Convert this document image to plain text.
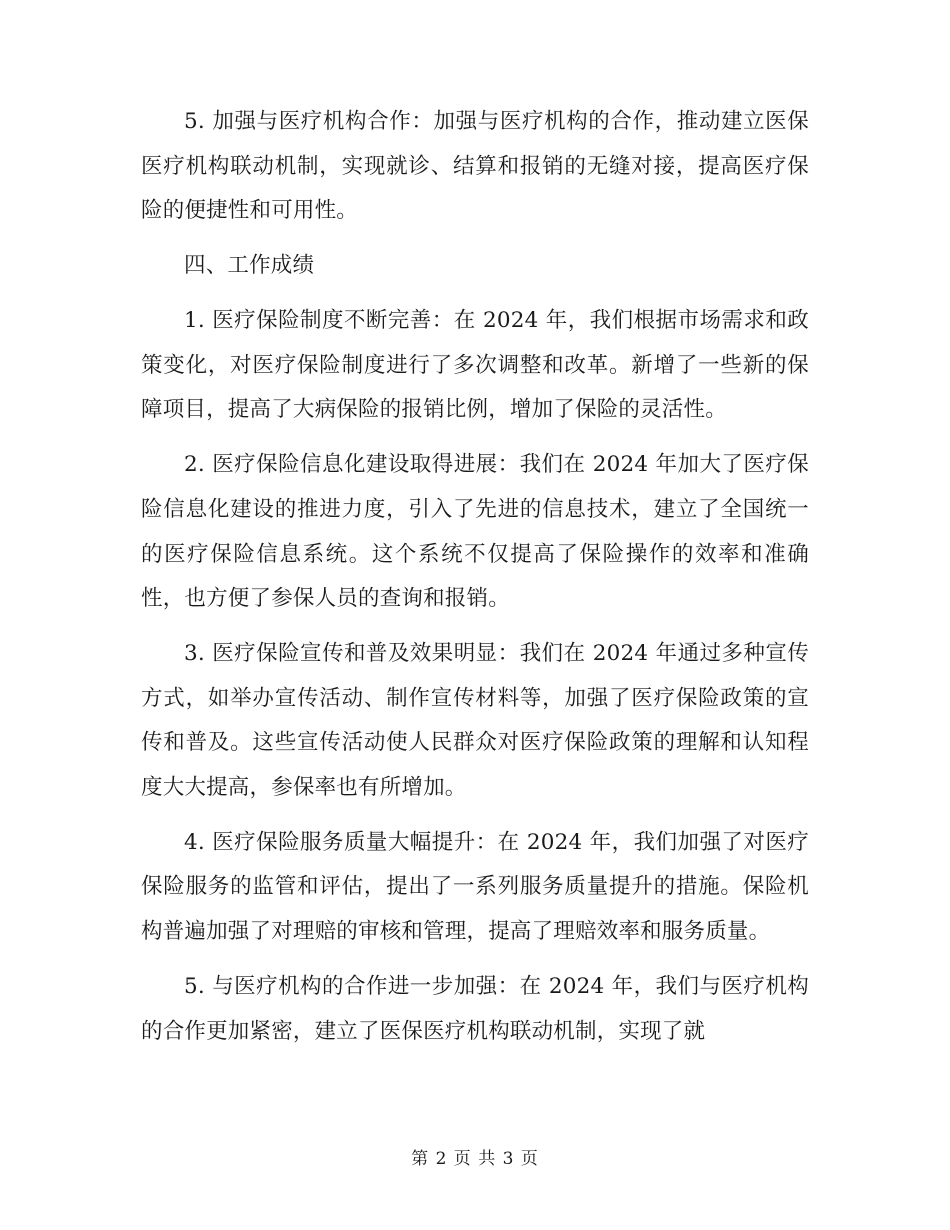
5. 加强与医疗机构合作：加强与医疗机构的合作，推动建立医保医疗机构联动机制，实现就诊、结算和报销的无缝对接，提高医疗保险的便捷性和可用性。

四、工作成绩

1. 医疗保险制度不断完善：在 2024 年，我们根据市场需求和政策变化，对医疗保险制度进行了多次调整和改革。新增了一些新的保障项目，提高了大病保险的报销比例，增加了保险的灵活性。

2. 医疗保险信息化建设取得进展：我们在 2024 年加大了医疗保险信息化建设的推进力度，引入了先进的信息技术，建立了全国统一的医疗保险信息系统。这个系统不仅提高了保险操作的效率和准确性，也方便了参保人员的查询和报销。

3. 医疗保险宣传和普及效果明显：我们在 2024 年通过多种宣传方式，如举办宣传活动、制作宣传材料等，加强了医疗保险政策的宣传和普及。这些宣传活动使人民群众对医疗保险政策的理解和认知程度大大提高，参保率也有所增加。

4. 医疗保险服务质量大幅提升：在 2024 年，我们加强了对医疗保险服务的监管和评估，提出了一系列服务质量提升的措施。保险机构普遍加强了对理赔的审核和管理，提高了理赔效率和服务质量。

5. 与医疗机构的合作进一步加强：在 2024 年，我们与医疗机构的合作更加紧密，建立了医保医疗机构联动机制，实现了就

第 2 页 共 3 页
